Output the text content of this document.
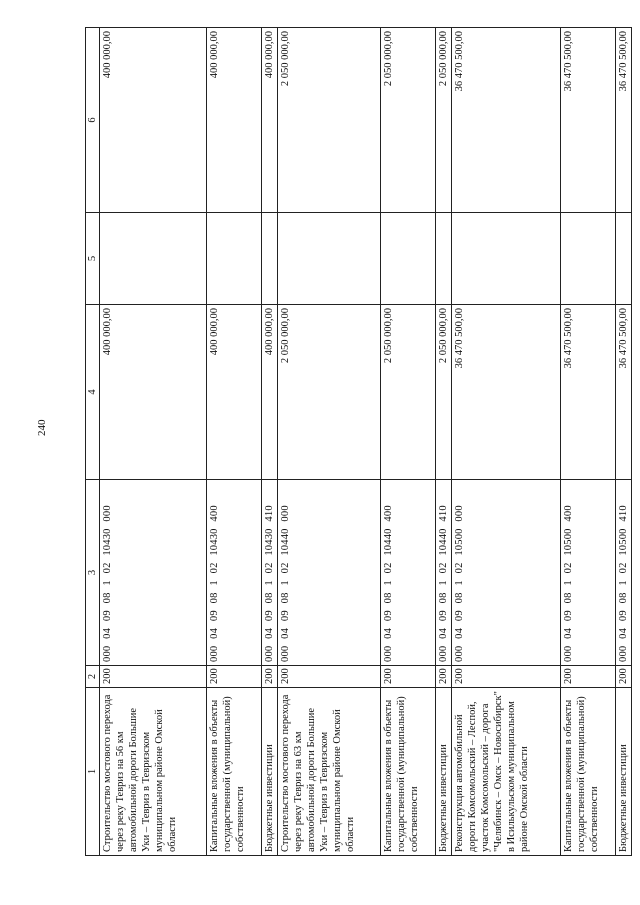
240
1	2	3	4	5	6
Строительство мостового перехода через реку Тевриз на 56 км автомобильной дороги Большие Уки – Тевриз в Тевризском муниципальном районе Омской области	200	000 04 09 08 1 02 10430 000	400 000,00		400 000,00
Капитальные вложения в объекты государственной (муниципальной) собственности	200	000 04 09 08 1 02 10430 400	400 000,00		400 000,00
Бюджетные инвестиции	200	000 04 09 08 1 02 10430 410	400 000,00		400 000,00
Строительство мостового перехода через реку Тевриз на 63 км автомобильной дороги Большие Уки – Тевриз в Тевризском муниципальном районе Омской области	200	000 04 09 08 1 02 10440 000	2 050 000,00		2 050 000,00
Капитальные вложения в объекты государственной (муниципальной) собственности	200	000 04 09 08 1 02 10440 400	2 050 000,00		2 050 000,00
Бюджетные инвестиции	200	000 04 09 08 1 02 10440 410	2 050 000,00		2 050 000,00
Реконструкция автомобильной дороги Комсомольский – Леспой, участок Комсомольский – дорога "Челябинск – Омск – Новосибирск" в Исилькульском муниципальном районе Омской области	200	000 04 09 08 1 02 10500 000	36 470 500,00		36 470 500,00
Капитальные вложения в объекты государственной (муниципальной) собственности	200	000 04 09 08 1 02 10500 400	36 470 500,00		36 470 500,00
Бюджетные инвестиции	200	000 04 09 08 1 02 10500 410	36 470 500,00		36 470 500,00
